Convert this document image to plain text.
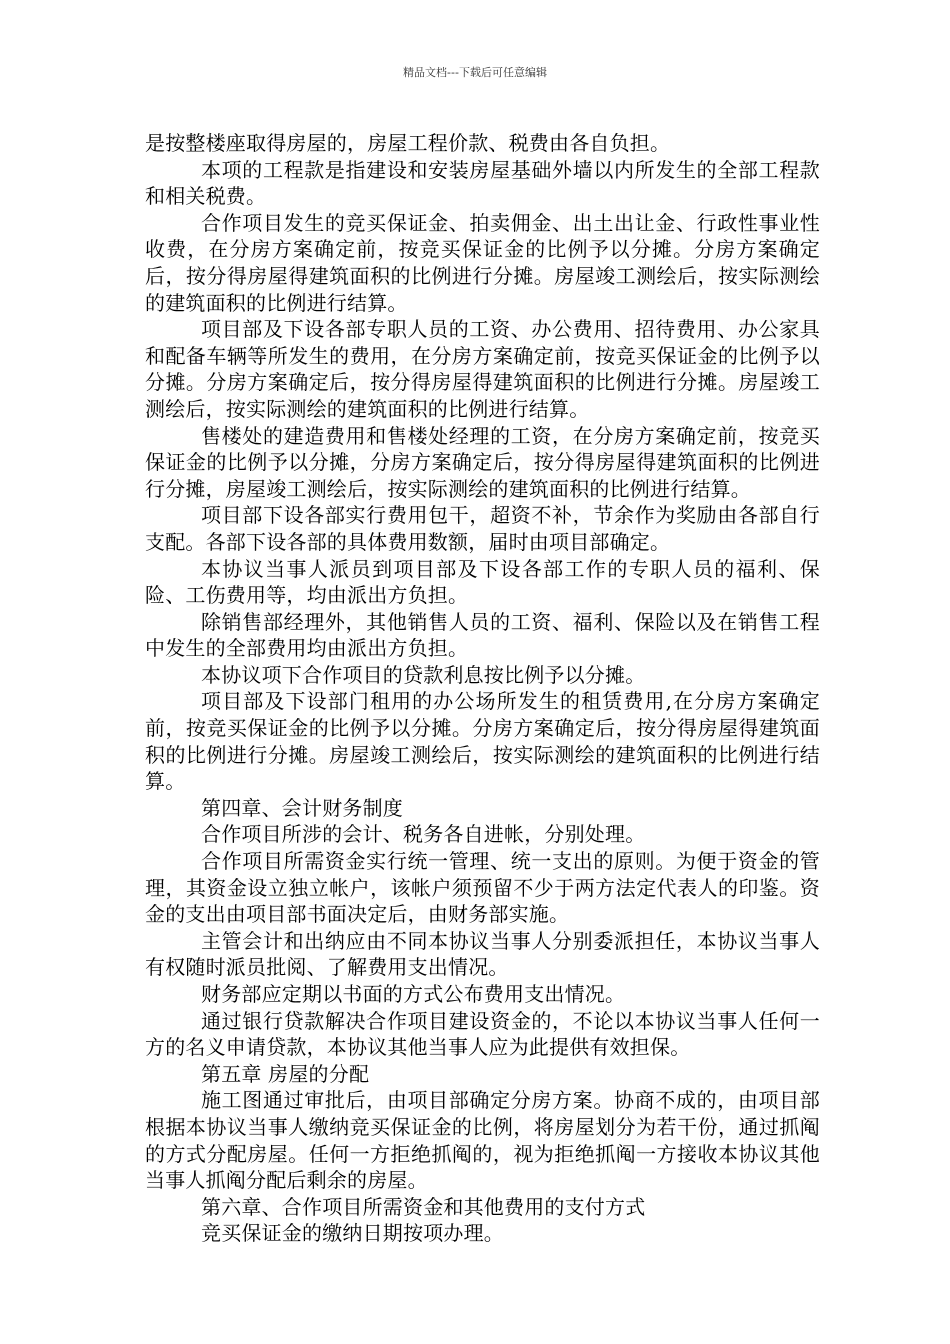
精品文档---下载后可任意编辑

是按整楼座取得房屋的，房屋工程价款、税费由各自负担。

本项的工程款是指建设和安装房屋基础外墙以内所发生的全部工程款和相关税费。

合作项目发生的竞买保证金、拍卖佣金、出土出让金、行政性事业性收费，在分房方案确定前，按竞买保证金的比例予以分摊。分房方案确定后，按分得房屋得建筑面积的比例进行分摊。房屋竣工测绘后，按实际测绘的建筑面积的比例进行结算。

项目部及下设各部专职人员的工资、办公费用、招待费用、办公家具和配备车辆等所发生的费用，在分房方案确定前，按竞买保证金的比例予以分摊。分房方案确定后，按分得房屋得建筑面积的比例进行分摊。房屋竣工测绘后，按实际测绘的建筑面积的比例进行结算。

售楼处的建造费用和售楼处经理的工资，在分房方案确定前，按竞买保证金的比例予以分摊，分房方案确定后，按分得房屋得建筑面积的比例进行分摊，房屋竣工测绘后，按实际测绘的建筑面积的比例进行结算。

项目部下设各部实行费用包干，超资不补，节余作为奖励由各部自行支配。各部下设各部的具体费用数额，届时由项目部确定。

本协议当事人派员到项目部及下设各部工作的专职人员的福利、保险、工伤费用等，均由派出方负担。

除销售部经理外，其他销售人员的工资、福利、保险以及在销售工程中发生的全部费用均由派出方负担。

本协议项下合作项目的贷款利息按比例予以分摊。

项目部及下设部门租用的办公场所发生的租赁费用,在分房方案确定前，按竞买保证金的比例予以分摊。分房方案确定后，按分得房屋得建筑面积的比例进行分摊。房屋竣工测绘后，按实际测绘的建筑面积的比例进行结算。

第四章、会计财务制度

合作项目所涉的会计、税务各自进帐，分别处理。

合作项目所需资金实行统一管理、统一支出的原则。为便于资金的管理，其资金设立独立帐户，该帐户须预留不少于两方法定代表人的印鉴。资金的支出由项目部书面决定后，由财务部实施。

主管会计和出纳应由不同本协议当事人分别委派担任，本协议当事人有权随时派员批阅、了解费用支出情况。

财务部应定期以书面的方式公布费用支出情况。

通过银行贷款解决合作项目建设资金的，不论以本协议当事人任何一方的名义申请贷款，本协议其他当事人应为此提供有效担保。

第五章 房屋的分配

施工图通过审批后，由项目部确定分房方案。协商不成的，由项目部根据本协议当事人缴纳竞买保证金的比例，将房屋划分为若干份，通过抓阄的方式分配房屋。任何一方拒绝抓阄的，视为拒绝抓阄一方接收本协议其他当事人抓阄分配后剩余的房屋。

第六章、合作项目所需资金和其他费用的支付方式

竞买保证金的缴纳日期按项办理。
